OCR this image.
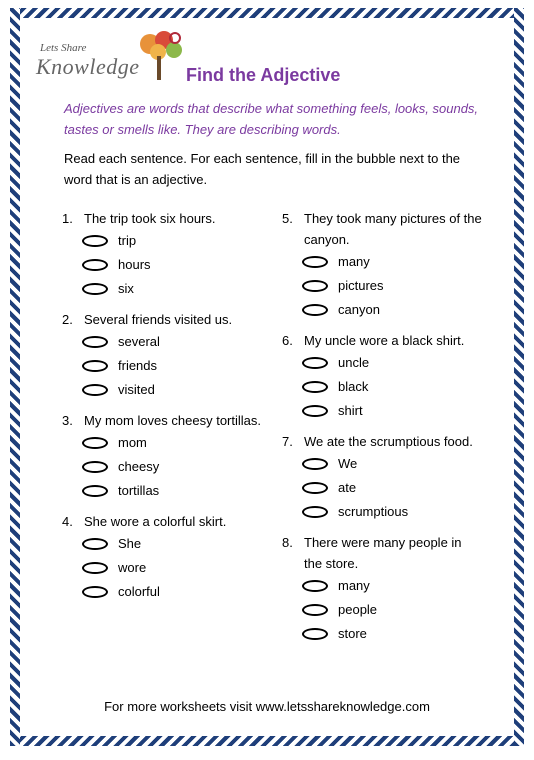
Lets Share
Knowledge	Find the Adjective
Adjectives are words that describe what something feels, looks, sounds, tastes or smells like. They are describing words.
Read each sentence. For each sentence, fill in the bubble next to the word that is an adjective.
1. The trip took six hours.
trip
hours
six
2. Several friends visited us.
several
friends
visited
3. My mom loves cheesy tortillas.
mom
cheesy
tortillas
4. She wore a colorful skirt.
She
wore
colorful
5. They took many pictures of the canyon.
many
pictures
canyon
6. My uncle wore a black shirt.
uncle
black
shirt
7. We ate the scrumptious food.
We
ate
scrumptious
8. There were many people in the store.
many
people
store
For more worksheets visit www.letsshareknowledge.com
